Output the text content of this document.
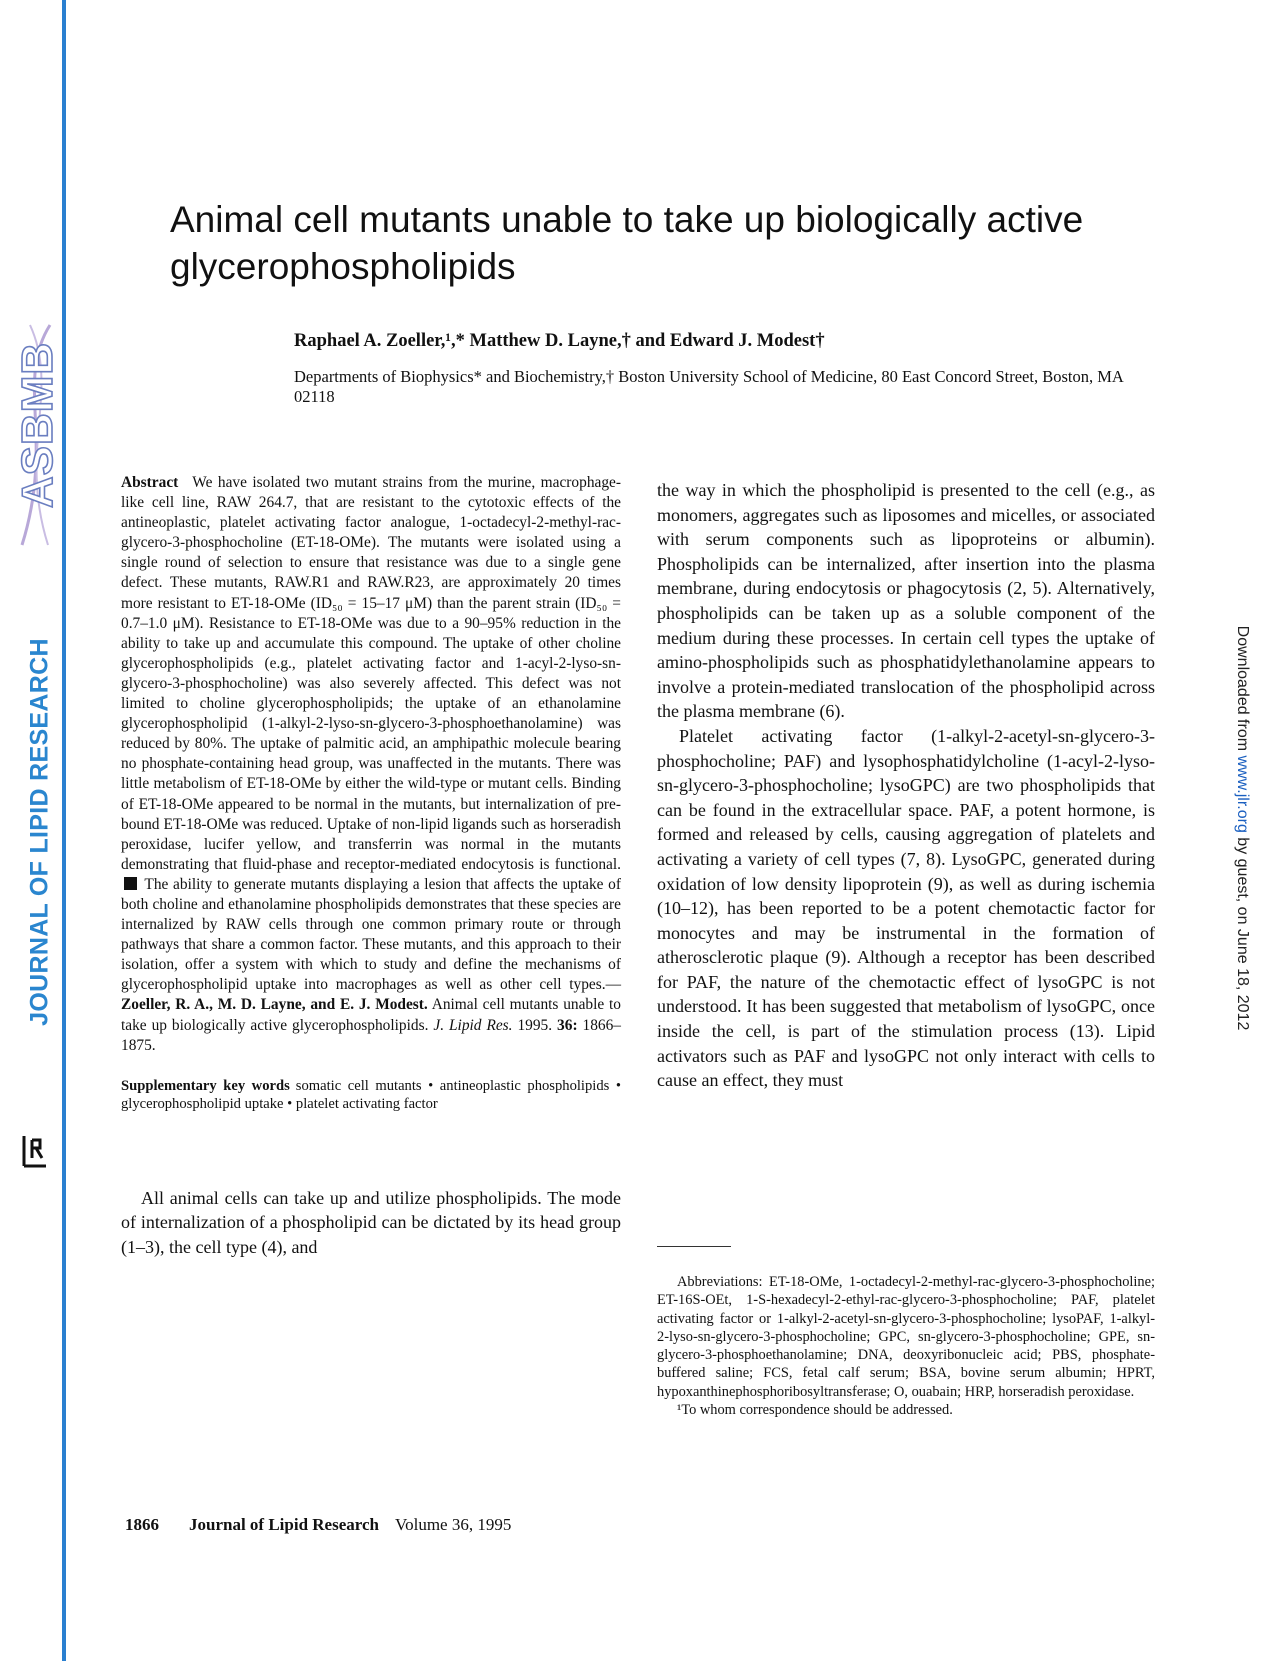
ASBMB
JOURNAL OF LIPID RESEARCH	Downloaded from www.jlr.org by guest, on June 18, 2012
Animal cell mutants unable to take up biologically active glycerophospholipids
Raphael A. Zoeller,¹,* Matthew D. Layne,† and Edward J. Modest†
Departments of Biophysics* and Biochemistry,† Boston University School of Medicine, 80 East Concord Street, Boston, MA 02118

Abstract We have isolated two mutant strains from the murine, macrophage-like cell line, RAW 264.7, that are resistant to the cytotoxic effects of the antineoplastic, platelet activating factor analogue, 1-octadecyl-2-methyl-rac-glycero-3-phosphocholine (ET-18-OMe). The mutants were isolated using a single round of selection to ensure that resistance was due to a single gene defect. These mutants, RAW.R1 and RAW.R23, are approximately 20 times more resistant to ET-18-OMe (ID₅₀ = 15–17 μM) than the parent strain (ID₅₀ = 0.7–1.0 μM). Resistance to ET-18-OMe was due to a 90–95% reduction in the ability to take up and accumulate this compound. The uptake of other choline glycerophospholipids (e.g., platelet activating factor and 1-acyl-2-lyso-sn-glycero-3-phosphocholine) was also severely affected. This defect was not limited to choline glycerophospholipids; the uptake of an ethanolamine glycerophospholipid (1-alkyl-2-lyso-sn-glycero-3-phosphoethanolamine) was reduced by 80%. The uptake of palmitic acid, an amphipathic molecule bearing no phosphate-containing head group, was unaffected in the mutants. There was little metabolism of ET-18-OMe by either the wild-type or mutant cells. Binding of ET-18-OMe appeared to be normal in the mutants, but internalization of pre-bound ET-18-OMe was reduced. Uptake of non-lipid ligands such as horseradish peroxidase, lucifer yellow, and transferrin was normal in the mutants demonstrating that fluid-phase and receptor-mediated endocytosis is functional.  The ability to generate mutants displaying a lesion that affects the uptake of both choline and ethanolamine phospholipids demonstrates that these species are internalized by RAW cells through one common primary route or through pathways that share a common factor. These mutants, and this approach to their isolation, offer a system with which to study and define the mechanisms of glycerophospholipid uptake into macrophages as well as other cell types.—Zoeller, R. A., M. D. Layne, and E. J. Modest. Animal cell mutants unable to take up biologically active glycerophospholipids. J. Lipid Res. 1995. 36: 1866–1875.

Supplementary key words somatic cell mutants • antineoplastic phospholipids • glycerophospholipid uptake • platelet activating factor

All animal cells can take up and utilize phospholipids. The mode of internalization of a phospholipid can be dictated by its head group (1–3), the cell type (4), and

the way in which the phospholipid is presented to the cell (e.g., as monomers, aggregates such as liposomes and micelles, or associated with serum components such as lipoproteins or albumin). Phospholipids can be internalized, after insertion into the plasma membrane, during endocytosis or phagocytosis (2, 5). Alternatively, phospholipids can be taken up as a soluble component of the medium during these processes. In certain cell types the uptake of amino-phospholipids such as phosphatidylethanolamine appears to involve a protein-mediated translocation of the phospholipid across the plasma membrane (6).

Platelet activating factor (1-alkyl-2-acetyl-sn-glycero-3-phosphocholine; PAF) and lysophosphatidylcholine (1-acyl-2-lyso-sn-glycero-3-phosphocholine; lysoGPC) are two phospholipids that can be found in the extracellular space. PAF, a potent hormone, is formed and released by cells, causing aggregation of platelets and activating a variety of cell types (7, 8). LysoGPC, generated during oxidation of low density lipoprotein (9), as well as during ischemia (10–12), has been reported to be a potent chemotactic factor for monocytes and may be instrumental in the formation of atherosclerotic plaque (9). Although a receptor has been described for PAF, the nature of the chemotactic effect of lysoGPC is not understood. It has been suggested that metabolism of lysoGPC, once inside the cell, is part of the stimulation process (13). Lipid activators such as PAF and lysoGPC not only interact with cells to cause an effect, they must

Abbreviations: ET-18-OMe, 1-octadecyl-2-methyl-rac-glycero-3-phosphocholine; ET-16S-OEt, 1-S-hexadecyl-2-ethyl-rac-glycero-3-phosphocholine; PAF, platelet activating factor or 1-alkyl-2-acetyl-sn-glycero-3-phosphocholine; lysoPAF, 1-alkyl-2-lyso-sn-glycero-3-phosphocholine; GPC, sn-glycero-3-phosphocholine; GPE, sn-glycero-3-phosphoethanolamine; DNA, deoxyribonucleic acid; PBS, phosphate-buffered saline; FCS, fetal calf serum; BSA, bovine serum albumin; HPRT, hypoxanthinephosphoribosyltransferase; O, ouabain; HRP, horseradish peroxidase.

¹To whom correspondence should be addressed.

1866 Journal of Lipid Research Volume 36, 1995
